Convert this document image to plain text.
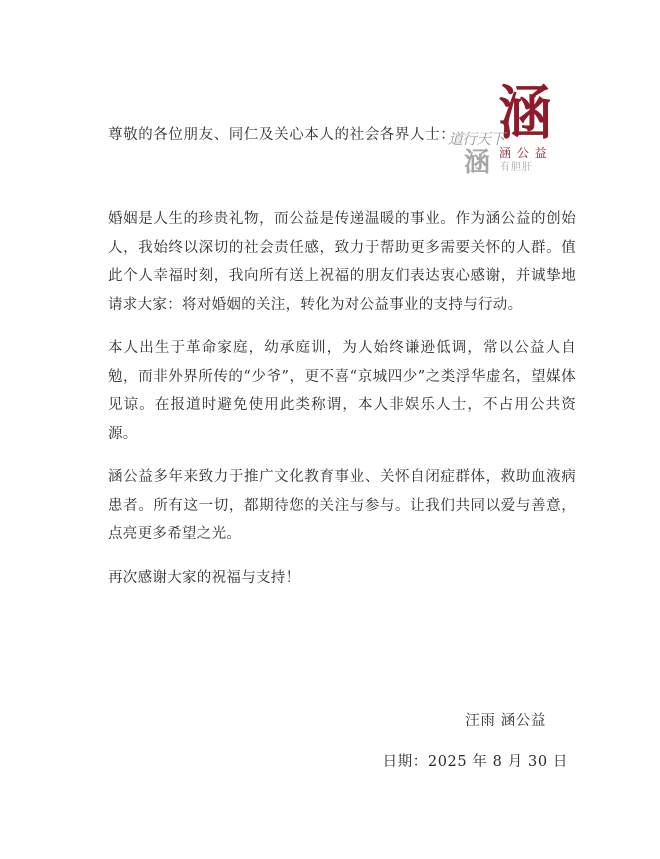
涵
涵 公 益
道行天下
涵 有胆肝
尊敬的各位朋友、同仁及关心本人的社会各界人士：

婚姻是人生的珍贵礼物，而公益是传递温暖的事业。作为涵公益的创始人，我始终以深切的社会责任感，致力于帮助更多需要关怀的人群。值此个人幸福时刻，我向所有送上祝福的朋友们表达衷心感谢，并诚挚地请求大家：将对婚姻的关注，转化为对公益事业的支持与行动。

本人出生于革命家庭，幼承庭训，为人始终谦逊低调，常以公益人自勉，而非外界所传的“少爷”，更不喜“京城四少”之类浮华虚名，望媒体见谅。在报道时避免使用此类称谓，本人非娱乐人士，不占用公共资源。

涵公益多年来致力于推广文化教育事业、关怀自闭症群体，救助血液病患者。所有这一切，都期待您的关注与参与。让我们共同以爱与善意，点亮更多希望之光。

再次感谢大家的祝福与支持！

汪雨 涵公益
日期：2025 年 8 月 30 日
